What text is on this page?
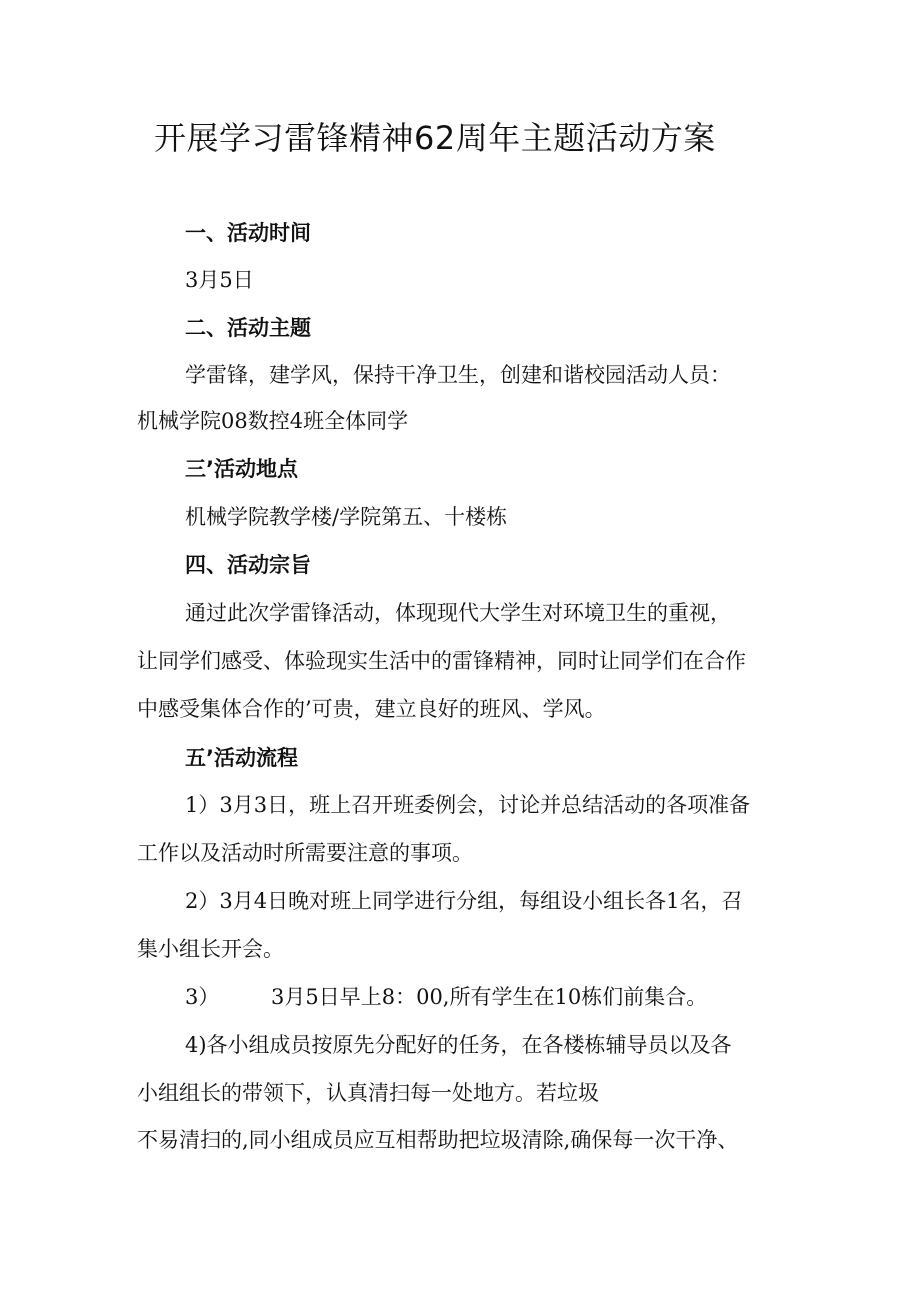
开展学习雷锋精神62周年主题活动方案
一、活动时间
3月5日
二、活动主题
学雷锋，建学风，保持干净卫生，创建和谐校园活动人员：
机械学院08数控4班全体同学
三’活动地点
机械学院教学楼/学院第五、十楼栋
四、活动宗旨
通过此次学雷锋活动，体现现代大学生对环境卫生的重视，
让同学们感受、体验现实生活中的雷锋精神，同时让同学们在合作
中感受集体合作的’可贵，建立良好的班风、学风。
五’活动流程
1）3月3日，班上召开班委例会，讨论并总结活动的各项准备
工作以及活动时所需要注意的事项。
2）3月4日晚对班上同学进行分组，每组设小组长各1名，召
集小组长开会。
3） 3月5日早上8：00,所有学生在10栋们前集合。
4)各小组成员按原先分配好的任务，在各楼栋辅导员以及各
小组组长的带领下，认真清扫每一处地方。若垃圾
不易清扫的,同小组成员应互相帮助把垃圾清除,确保每一次干净、
